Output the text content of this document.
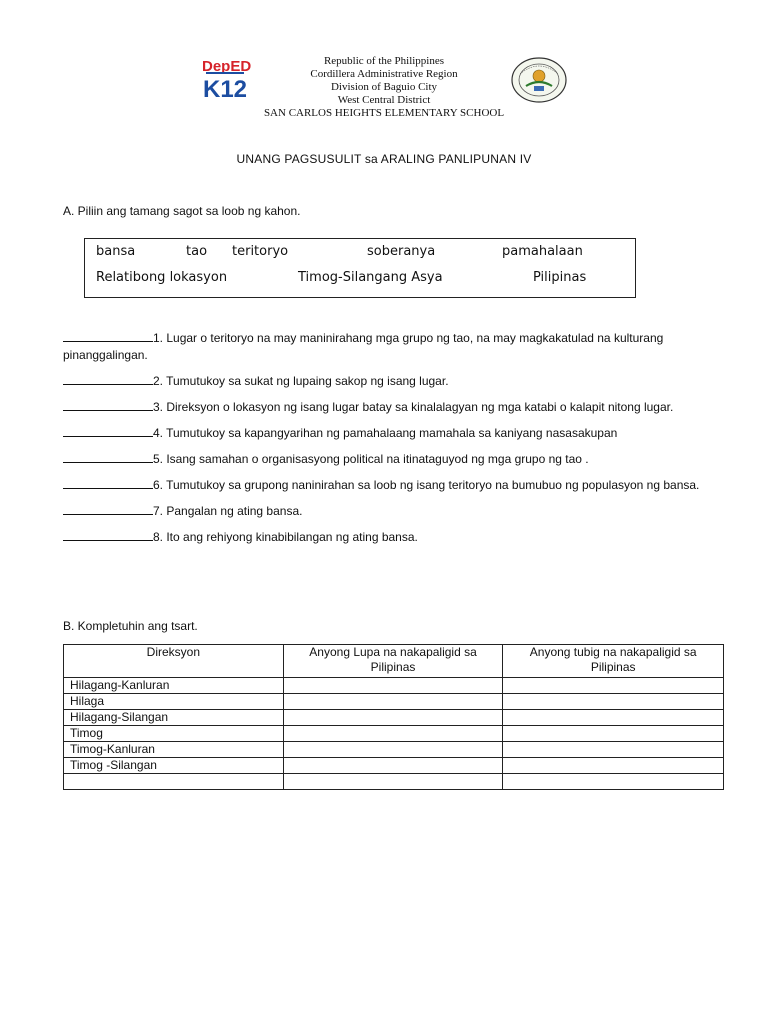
DepED
K12
Republic of the Philippines
Cordillera Administrative Region
Division of Baguio City
West Central District
SAN CARLOS HEIGHTS ELEMENTARY SCHOOL
UNANG PAGSUSULIT sa ARALING PANLIPUNAN IV
A. Piliin ang tamang sagot sa loob ng kahon.
bansa	tao teritoryo	soberanya	pamahalaan
Relatibong lokasyon	Timog-Silangang Asya	Pilipinas
1. Lugar o teritoryo na may maninirahang mga grupo ng tao, na may magkakatulad na kulturang pinanggalingan.
2. Tumutukoy sa sukat ng lupaing sakop ng isang lugar.
3. Direksyon o lokasyon ng isang lugar batay sa kinalalagyan ng mga katabi o kalapit nitong lugar.
4. Tumutukoy sa kapangyarihan ng pamahalaang mamahala sa kaniyang nasasakupan
5. Isang samahan o organisasyong political na itinataguyod ng mga grupo ng tao .
6. Tumutukoy sa grupong naninirahan sa loob ng isang teritoryo na bumubuo ng populasyon ng bansa.
7. Pangalan ng ating bansa.
8. Ito ang rehiyong kinabibilangan ng ating bansa.
B. Kompletuhin ang tsart.
Direksyon	Anyong Lupa na nakapaligid sa Pilipinas	Anyong tubig na nakapaligid sa Pilipinas
Hilagang-Kanluran		
Hilaga		
Hilagang-Silangan		
Timog		
Timog-Kanluran		
Timog -Silangan		
